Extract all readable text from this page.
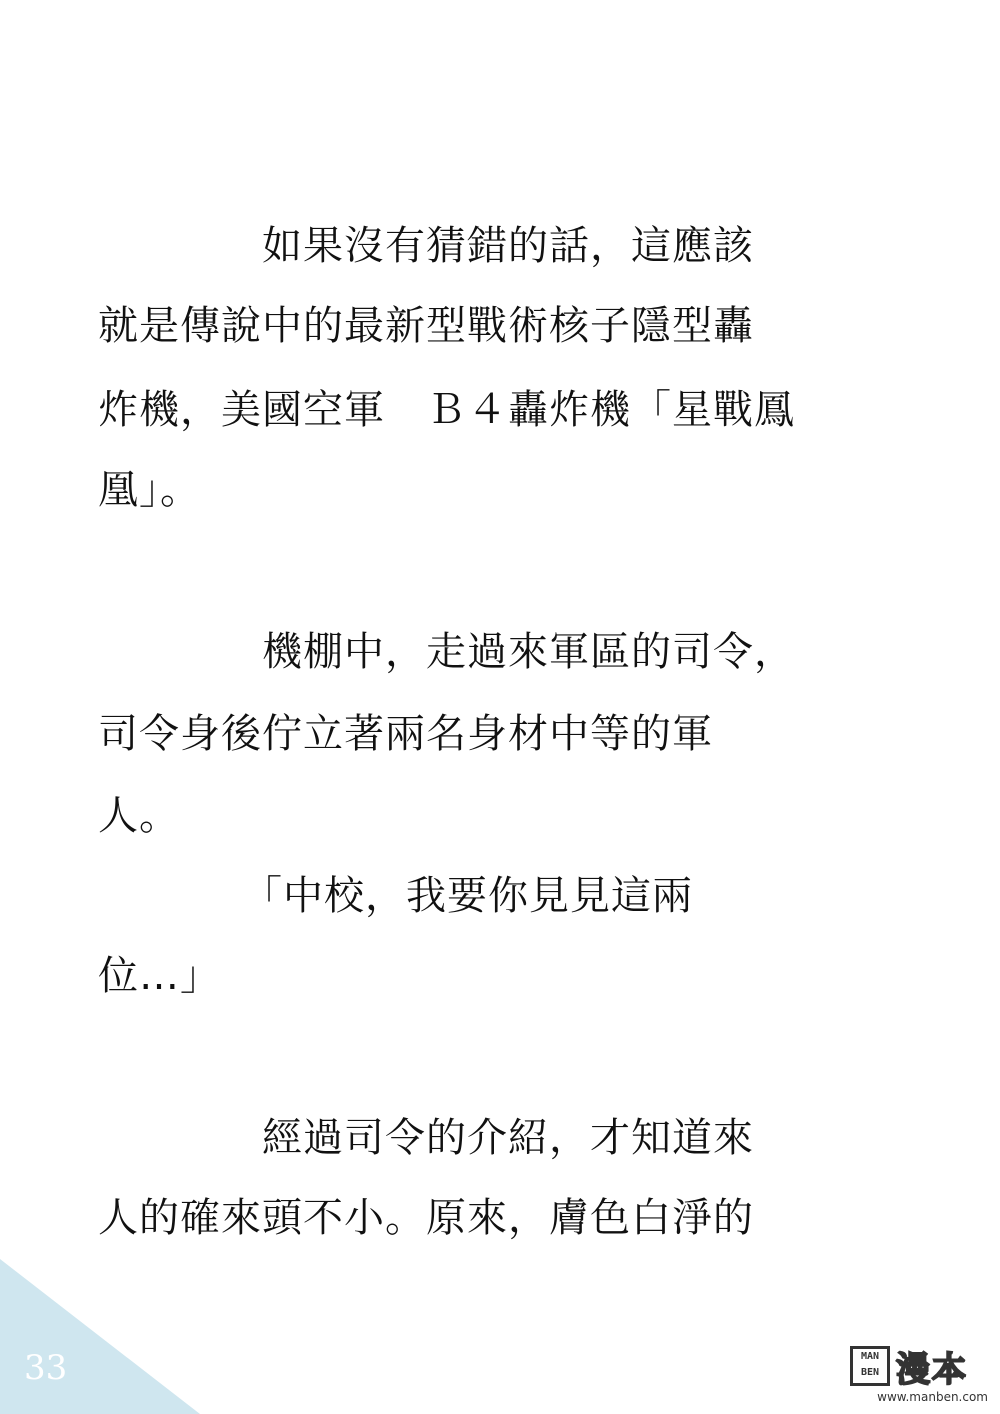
　　　　如果沒有猜錯的話，這應該
就是傳說中的最新型戰術核子隱型轟
炸機，美國空軍　Ｂ４轟炸機「星戰鳳
凰」。
　　　　機棚中，走過來軍區的司令，
司令身後佇立著兩名身材中等的軍
人。
　　　　「中校，我要你見見這兩
位…」
　　　　經過司令的介紹，才知道來
人的確來頭不小。原來，膚色白淨的
33	MAN BEN 漫本
www.manben.com
